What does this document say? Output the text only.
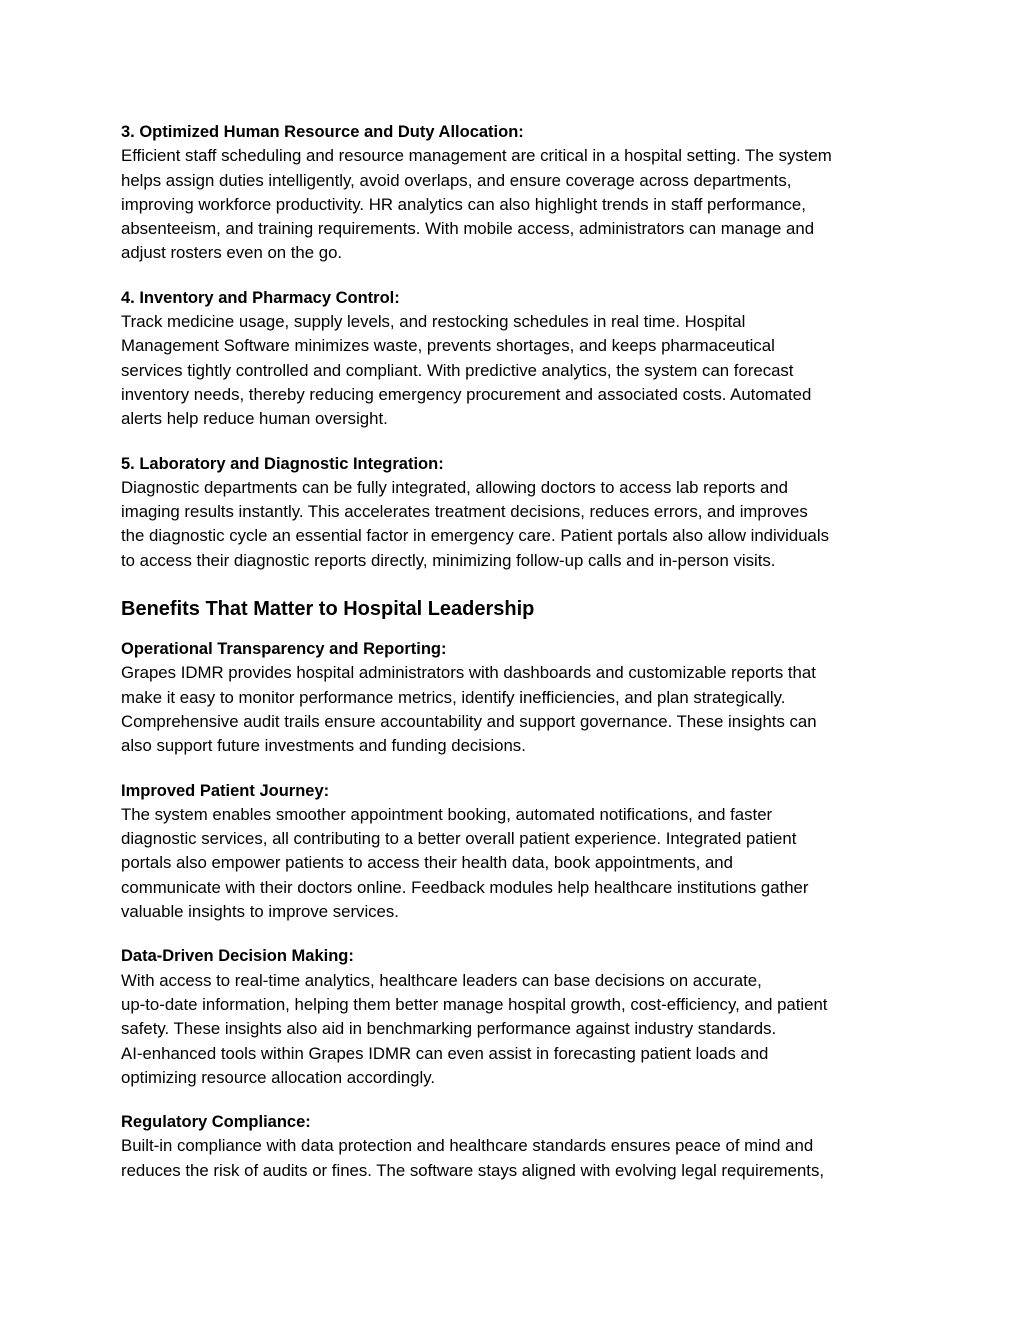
3. Optimized Human Resource and Duty Allocation:

Efficient staff scheduling and resource management are critical in a hospital setting. The system
helps assign duties intelligently, avoid overlaps, and ensure coverage across departments,
improving workforce productivity. HR analytics can also highlight trends in staff performance,
absenteeism, and training requirements. With mobile access, administrators can manage and
adjust rosters even on the go.

4. Inventory and Pharmacy Control:

Track medicine usage, supply levels, and restocking schedules in real time. Hospital
Management Software minimizes waste, prevents shortages, and keeps pharmaceutical
services tightly controlled and compliant. With predictive analytics, the system can forecast
inventory needs, thereby reducing emergency procurement and associated costs. Automated
alerts help reduce human oversight.

5. Laboratory and Diagnostic Integration:

Diagnostic departments can be fully integrated, allowing doctors to access lab reports and
imaging results instantly. This accelerates treatment decisions, reduces errors, and improves
the diagnostic cycle an essential factor in emergency care. Patient portals also allow individuals
to access their diagnostic reports directly, minimizing follow-up calls and in-person visits.

Benefits That Matter to Hospital Leadership

Operational Transparency and Reporting:

Grapes IDMR provides hospital administrators with dashboards and customizable reports that
make it easy to monitor performance metrics, identify inefficiencies, and plan strategically.
Comprehensive audit trails ensure accountability and support governance. These insights can
also support future investments and funding decisions.

Improved Patient Journey:

The system enables smoother appointment booking, automated notifications, and faster
diagnostic services, all contributing to a better overall patient experience. Integrated patient
portals also empower patients to access their health data, book appointments, and
communicate with their doctors online. Feedback modules help healthcare institutions gather
valuable insights to improve services.

Data-Driven Decision Making:

With access to real-time analytics, healthcare leaders can base decisions on accurate,
up-to-date information, helping them better manage hospital growth, cost-efficiency, and patient
safety. These insights also aid in benchmarking performance against industry standards.
AI-enhanced tools within Grapes IDMR can even assist in forecasting patient loads and
optimizing resource allocation accordingly.

Regulatory Compliance:

Built-in compliance with data protection and healthcare standards ensures peace of mind and
reduces the risk of audits or fines. The software stays aligned with evolving legal requirements,
